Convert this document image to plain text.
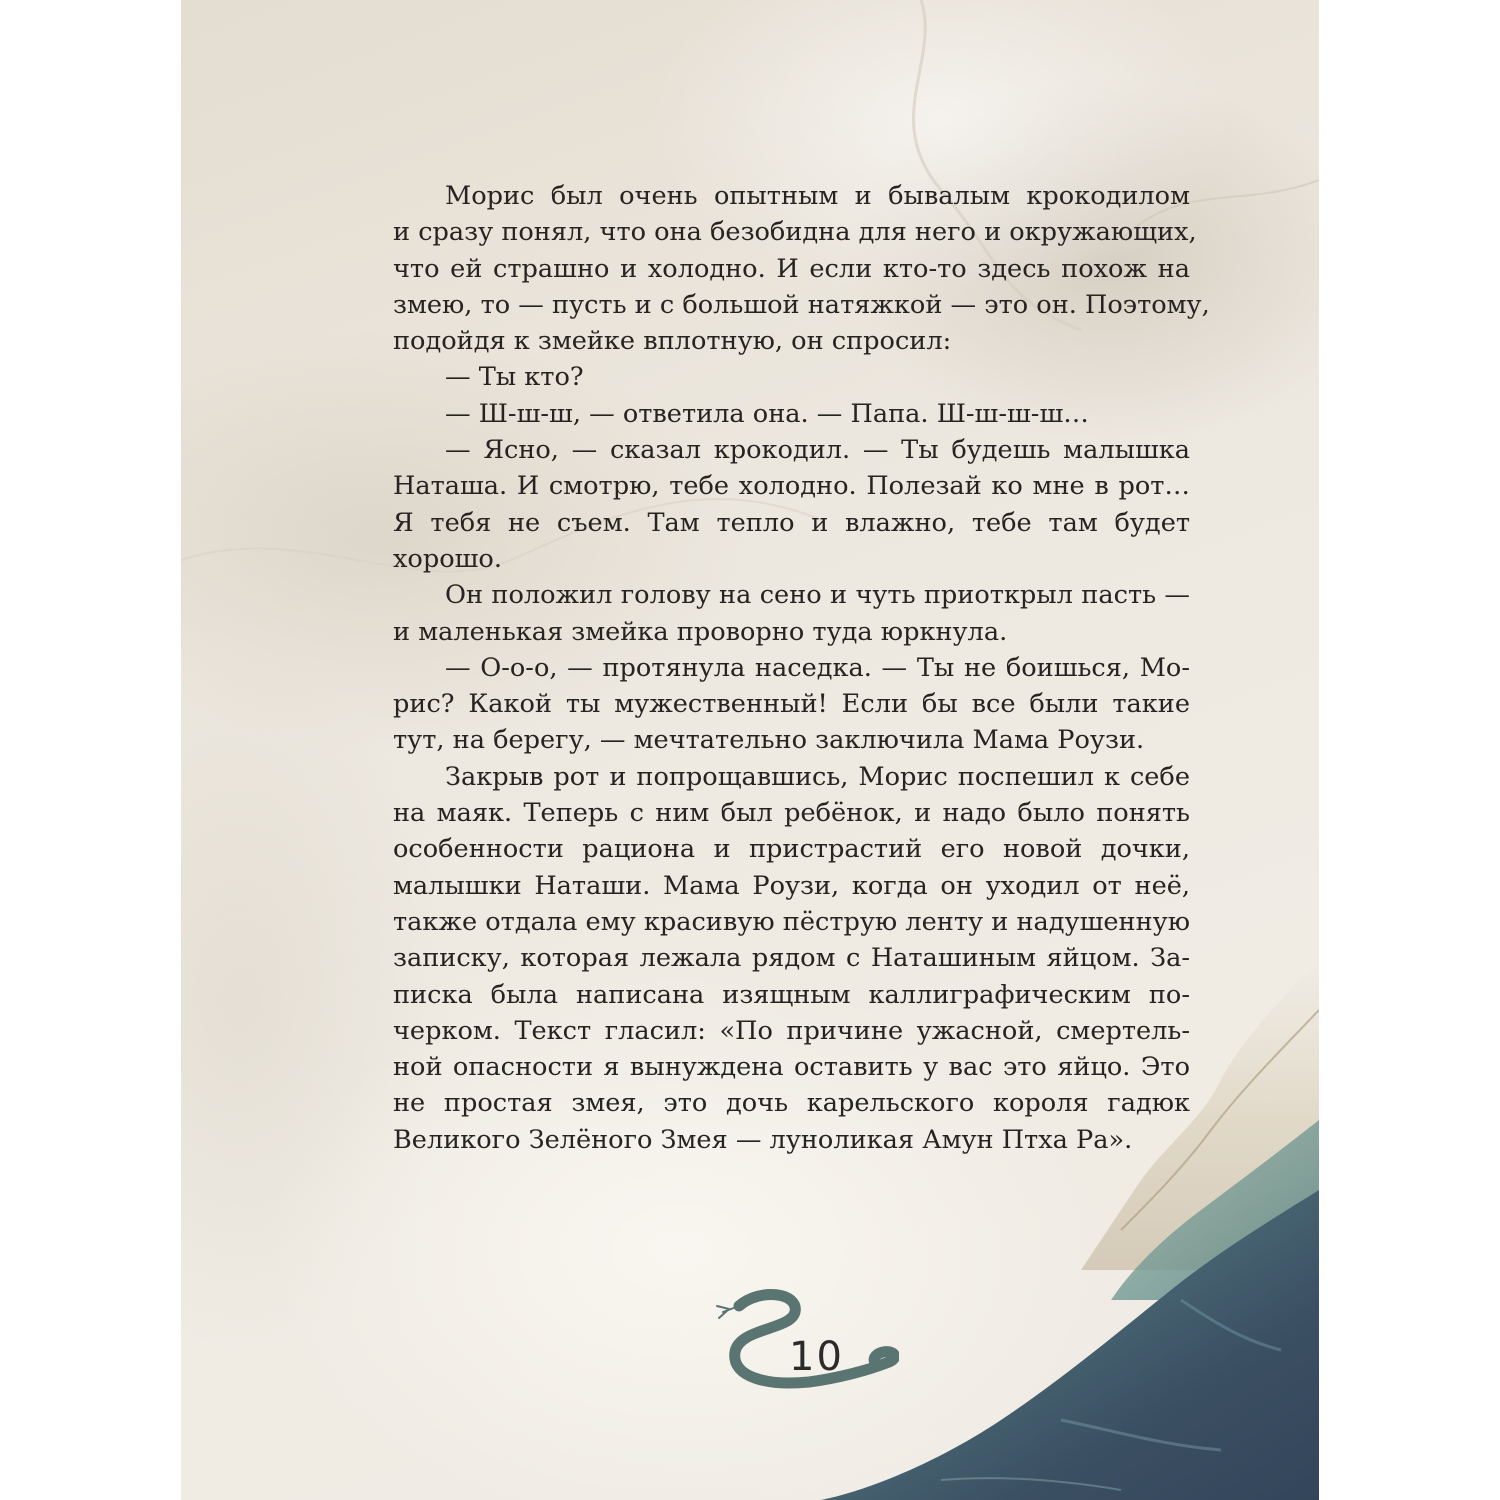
Морис был очень опытным и бывалым крокодилом
и сразу понял, что она безобидна для него и окружающих,
что ей страшно и холодно. И если кто-то здесь похож на
змею, то — пусть и с большой натяжкой — это он. Поэтому,
подойдя к змейке вплотную, он спросил:
— Ты кто?
— Ш-ш-ш, — ответила она. — Папа. Ш-ш-ш-ш…
— Ясно, — сказал крокодил. — Ты будешь малышка
Наташа. И смотрю, тебе холодно. Полезай ко мне в рот…
Я тебя не съем. Там тепло и влажно, тебе там будет
хорошо.
Он положил голову на сено и чуть приоткрыл пасть —
и маленькая змейка проворно туда юркнула.
— О-о-о, — протянула наседка. — Ты не боишься, Мо-
рис? Какой ты мужественный! Если бы все были такие
тут, на берегу, — мечтательно заключила Мама Роузи.
Закрыв рот и попрощавшись, Морис поспешил к себе
на маяк. Теперь с ним был ребёнок, и надо было понять
особенности рациона и пристрастий его новой дочки,
малышки Наташи. Мама Роузи, когда он уходил от неё,
также отдала ему красивую пёструю ленту и надушенную
записку, которая лежала рядом с Наташиным яйцом. За-
писка была написана изящным каллиграфическим по-
черком. Текст гласил: «По причине ужасной, смертель-
ной опасности я вынуждена оставить у вас это яйцо. Это
не простая змея, это дочь карельского короля гадюк
Великого Зелёного Змея — луноликая Амун Птха Ра».
10
